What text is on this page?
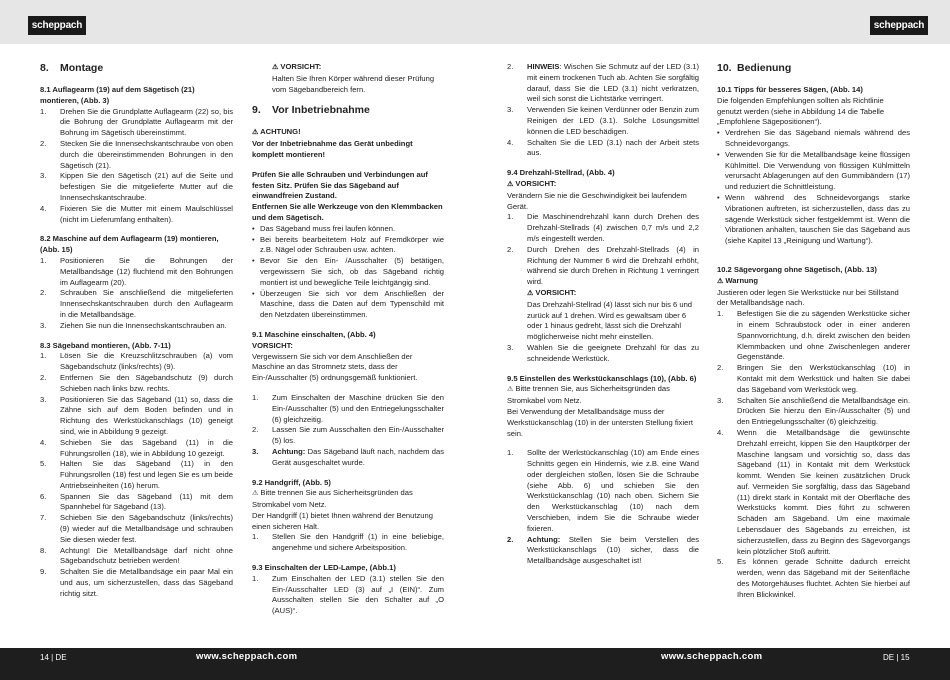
scheppach	scheppach
8. Montage
8.1 Auflagearm (19) auf dem Sägetisch (21) montieren, (Abb. 3)
1.	Drehen Sie die Grundplatte Auflagearm (22) so, bis die Bohrung der Grundplatte Auflagearm mit der Bohrung im Sägetisch übereinstimmt.
2.	Stecken Sie die Innensechskantschraube von oben durch die übereinstimmenden Bohrungen in den Sägetisch (21).
3.	Kippen Sie den Sägetisch (21) auf die Seite und befestigen Sie die mitgelieferte Mutter auf die Innensechskantschraube.
4.	Fixieren Sie die Mutter mit einem Maulschlüssel (nicht im Lieferumfang enthalten).
8.2 Maschine auf dem Auflagearm (19) montieren, (Abb. 15)
1.	Positionieren Sie die Bohrungen der Metallbandsäge (12) fluchtend mit den Bohrungen im Auflagearm (20).
2.	Schrauben Sie anschließend die mitgelieferten Innensechskantschrauben durch den Auflagearm in die Metallbandsäge.
3.	Ziehen Sie nun die Innensechskantschrauben an.
8.3 Sägeband montieren, (Abb. 7-11)
1.	Lösen Sie die Kreuzschlitzschrauben (a) vom Sägebandschutz (links/rechts) (9).
2.	Entfernen Sie den Sägebandschutz (9) durch Schieben nach links bzw. rechts.
3.	Positionieren Sie das Sägeband (11) so, dass die Zähne sich auf dem Boden befinden und in Richtung des Werkstückanschlags (10) geneigt sind, wie in Abbildung 9 gezeigt.
4.	Schieben Sie das Sägeband (11) in die Führungsrollen (18), wie in Abbildung 10 gezeigt.
5.	Halten Sie das Sägeband (11) in den Führungsrollen (18) fest und legen Sie es um beide Antriebseinheiten (16) herum.
6.	Spannen Sie das Sägeband (11) mit dem Spannhebel für Sägeband (13).
7.	Schieben Sie den Sägebandschutz (links/rechts) (9) wieder auf die Metallbandsäge und schrauben Sie diesen wieder fest.
8.	Achtung! Die Metallbandsäge darf nicht ohne Sägebandschutz betrieben werden!
9.	Schalten Sie die Metallbandsäge ein paar Mal ein und aus, um sicherzustellen, dass das Sägeband richtig sitzt.

⚠ VORSICHT:

Halten Sie Ihren Körper während dieser Prüfung vom Sägebandbereich fern.

9. Vor Inbetriebnahme

⚠ ACHTUNG!

Vor der Inbetriebnahme das Gerät unbedingt komplett montieren!

Prüfen Sie alle Schrauben und Verbindungen auf festen Sitz. Prüfen Sie das Sägeband auf einwandfreien Zustand.

Entfernen Sie alle Werkzeuge von den Klemmbacken und dem Sägetisch.

• Das Sägeband muss frei laufen können.
• Bei bereits bearbeitetem Holz auf Fremdkörper wie z.B. Nägel oder Schrauben usw. achten.
• Bevor Sie den Ein- /Ausschalter (5) betätigen, vergewissern Sie sich, ob das Sägeband richtig montiert ist und bewegliche Teile leichtgängig sind.
• Überzeugen Sie sich vor dem Anschließen der Maschine, dass die Daten auf dem Typenschild mit den Netzdaten übereinstimmen.
9.1 Maschine einschalten, (Abb. 4)

VORSICHT:

Vergewissern Sie sich vor dem Anschließen der Maschine an das Stromnetz stets, dass der Ein-/Ausschalter (5) ordnungsgemäß funktioniert.

1.	Zum Einschalten der Maschine drücken Sie den Ein-/Ausschalter (5) und den Entriegelungsschalter (6) gleichzeitig.
2.	Lassen Sie zum Ausschalten den Ein-/Ausschalter (5) los.
3.	Achtung: Das Sägeband läuft nach, nachdem das Gerät ausgeschaltet wurde.
9.2 Handgriff, (Abb. 5)

⚠ Bitte trennen Sie aus Sicherheitsgründen das Stromkabel vom Netz.

Der Handgriff (1) bietet Ihnen während der Benutzung einen sicheren Halt.

1.	Stellen Sie den Handgriff (1) in eine beliebige, angenehme und sichere Arbeitsposition.
9.3 Einschalten der LED-Lampe, (Abb.1)
1.	Zum Einschalten der LED (3.1) stellen Sie den Ein-/Ausschalter LED (3) auf „I (EIN)“. Zum Ausschalten stellen Sie den Schalter auf „O (AUS)“.
2.	HINWEIS: Wischen Sie Schmutz auf der LED (3.1) mit einem trockenen Tuch ab. Achten Sie sorgfältig darauf, dass Sie die LED (3.1) nicht verkratzen, weil sich sonst die Lichtstärke verringert.
3.	Verwenden Sie keinen Verdünner oder Benzin zum Reinigen der LED (3.1). Solche Lösungsmittel können die LED beschädigen.
4.	Schalten Sie die LED (3.1) nach der Arbeit stets aus.
9.4 Drehzahl-Stellrad, (Abb. 4)

⚠ VORSICHT:

Verändern Sie nie die Geschwindigkeit bei laufendem Gerät.

1.	Die Maschinendrehzahl kann durch Drehen des Drehzahl-Stellrads (4) zwischen 0,7 m/s und 2,2 m/s eingestellt werden.
2.	Durch Drehen des Drehzahl-Stellrads (4) in Richtung der Nummer 6 wird die Drehzahl erhöht, während sie durch Drehen in Richtung 1 verringert wird.

⚠ VORSICHT:

Das Drehzahl-Stellrad (4) lässt sich nur bis 6 und zurück auf 1 drehen. Wird es gewaltsam über 6 oder 1 hinaus gedreht, lässt sich die Drehzahl möglicherweise nicht mehr einstellen.

3.	Wählen Sie die geeignete Drehzahl für das zu schneidende Werkstück.
9.5 Einstellen des Werkstückanschlags (10), (Abb. 6)

⚠ Bitte trennen Sie, aus Sicherheitsgründen das Stromkabel vom Netz.

Bei Verwendung der Metallbandsäge muss der Werkstückanschlag (10) in der untersten Stellung fixiert sein.

1.	Sollte der Werkstückanschlag (10) am Ende eines Schnitts gegen ein Hindernis, wie z.B. eine Wand oder dergleichen stoßen, lösen Sie die Schraube (siehe Abb. 6) und schieben Sie den Werkstückanschlag (10) nach oben. Sichern Sie den Werkstückanschlag (10) nach dem Verschieben, indem Sie die Schraube wieder fixieren.
2.	Achtung: Stellen Sie beim Verstellen des Werkstückanschlags (10) sicher, dass die Metallbandsäge ausgeschaltet ist!
10. Bedienung
10.1 Tipps für besseres Sägen, (Abb. 14)

Die folgenden Empfehlungen sollten als Richtlinie genutzt werden (siehe in Abbildung 14 die Tabelle „Empfohlene Sägepositionen“).

• Verdrehen Sie das Sägeband niemals während des Schneidevorgangs.
• Verwenden Sie für die Metallbandsäge keine flüssigen Kühlmittel. Die Verwendung von flüssigen Kühlmitteln verursacht Ablagerungen auf den Gummibändern (17) und reduziert die Schnittleistung.
• Wenn während des Schneidevorgangs starke Vibrationen auftreten, ist sicherzustellen, dass das zu sägende Werkstück sicher festgeklemmt ist. Wenn die Vibrationen anhalten, tauschen Sie das Sägeband aus (siehe Kapitel 13 „Reinigung und Wartung“).
10.2 Sägevorgang ohne Sägetisch, (Abb. 13)

⚠ Warnung

Justieren oder legen Sie Werkstücke nur bei Stillstand der Metallbandsäge nach.

1.	Befestigen Sie die zu sägenden Werkstücke sicher in einem Schraubstock oder in einer anderen Spannvorrichtung, d.h. direkt zwischen den beiden Klemmbacken und ohne Zwischenlegen anderer Gegenstände.
2.	Bringen Sie den Werkstückanschlag (10) in Kontakt mit dem Werkstück und halten Sie dabei das Sägeband vom Werkstück weg.
3.	Schalten Sie anschließend die Metallbandsäge ein. Drücken Sie hierzu den Ein-/Ausschalter (5) und den Entriegelungsschalter (6) gleichzeitig.
4.	Wenn die Metallbandsäge die gewünschte Drehzahl erreicht, kippen Sie den Hauptkörper der Maschine langsam und vorsichtig so, dass das Sägeband (11) in Kontakt mit dem Werkstück kommt. Wenden Sie keinen zusätzlichen Druck auf. Vermeiden Sie sorgfältig, dass das Sägeband (11) direkt stark in Kontakt mit der Oberfläche des Werkstücks kommt. Dies führt zu schweren Schäden am Sägeband. Um eine maximale Lebensdauer des Sägebands zu erreichen, ist sicherzustellen, dass zu Beginn des Sägevorgangs kein plötzlicher Stoß auftritt.
5.	Es können gerade Schnitte dadurch erreicht werden, wenn das Sägeband mit der Seitenfläche des Motorgehäuses fluchtet. Achten Sie hierbei auf Ihren Blickwinkel.
14 | DE	www.scheppach.com	www.scheppach.com	DE | 15
